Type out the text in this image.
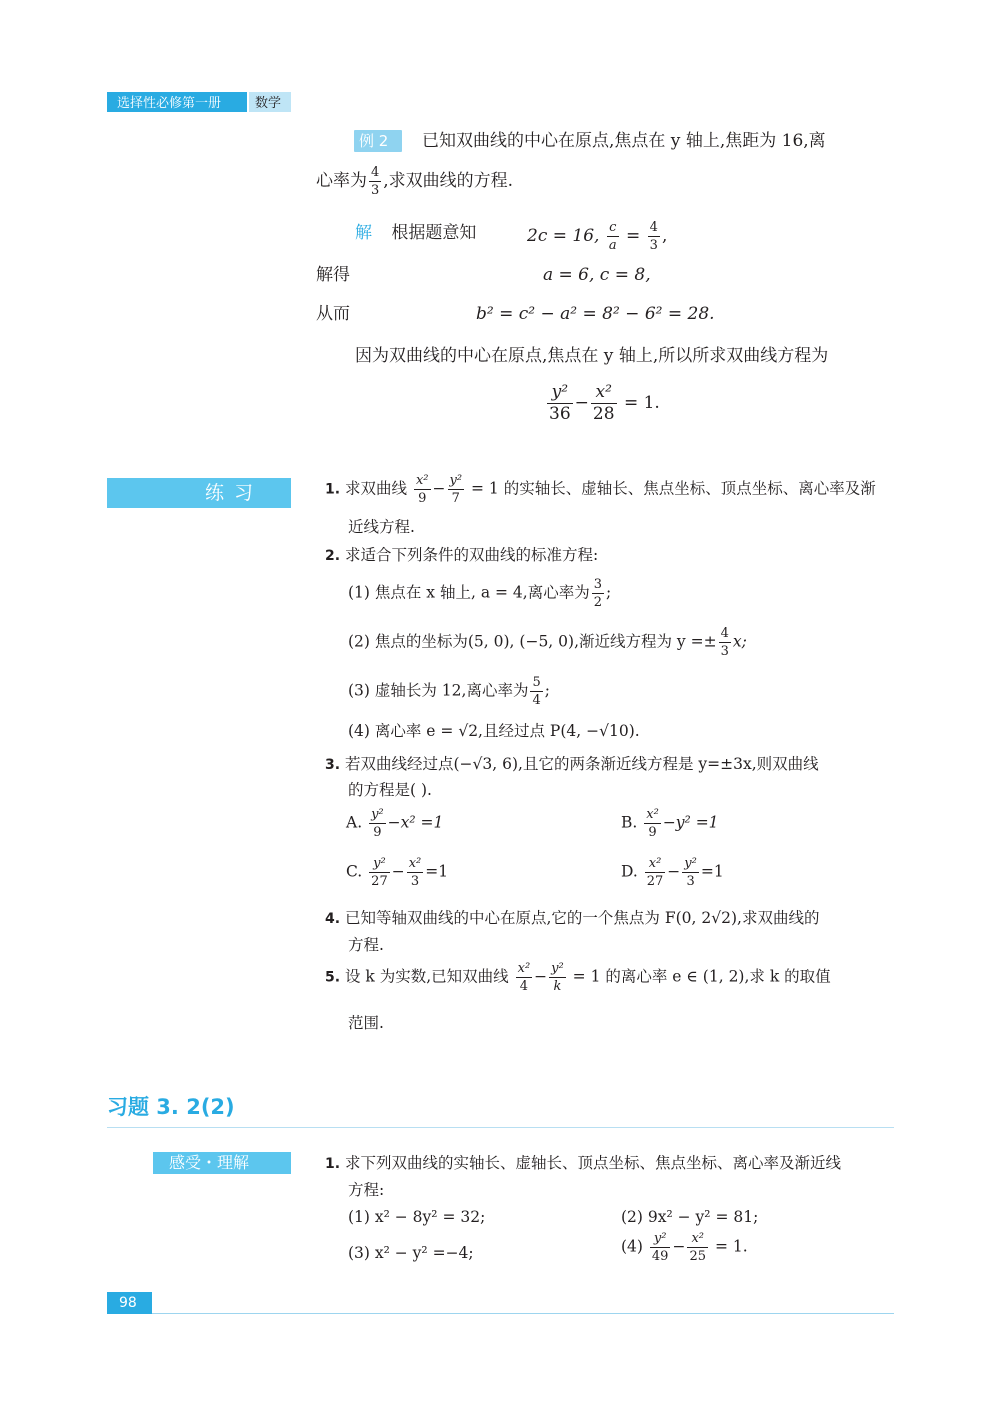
选择性必修第一册	数学
例 2	已知双曲线的中心在原点,焦点在 y 轴上,焦距为 16,离
心率为 $\frac{4}{3}$ ,求双曲线的方程.
解 根据题意知	2c = 16, $\frac{c}{a} = \frac{4}{3}$ ,
解得	a = 6, c = 8,
从而	b² = c² − a² = 8² − 6² = 28.
因为双曲线的中心在原点,焦点在 y 轴上,所以所求双曲线方程为
$\frac{\text{y²}}{36} - \frac{\text{x²}}{28} = 1$.
练习	1. 求双曲线 $\frac{\text{x²}}{9} - \frac{\text{y²}}{7} = 1$ 的实轴长、虚轴长、焦点坐标、顶点坐标、离心率及渐
近线方程.
2. 求适合下列条件的双曲线的标准方程:
(1) 焦点在 x 轴上, a = 4,离心率为 $\frac{3}{2}$ ;
(2) 焦点的坐标为(5, 0), (−5, 0),渐近线方程为 $y =\pm \frac{4}{3} x$;
(3) 虚轴长为 12,离心率为 $\frac{5}{4}$ ;
(4) 离心率 e = √2,且经过点 P(4, −√10).
3. 若双曲线经过点(−√3, 6),且它的两条渐近线方程是 y=±3x,则双曲线
的方程是( ).
A. $\frac{\text{y²}}{9} -x^2 =1$	B. $\frac{\text{x²}}{9} -y^2 =1$
C. $\frac{\text{y²}}{27} - \frac{\text{x²}}{3} =1$	D. $\frac{\text{x²}}{27} - \frac{\text{y²}}{3} =1$
4. 已知等轴双曲线的中心在原点,它的一个焦点为 F(0, 2√2),求双曲线的
方程.
5. 设 k 为实数,已知双曲线 $\frac{\text{x²}}{4} - \frac{\text{y²}}{k} = 1$ 的离心率 e ∈ (1, 2),求 k 的取值
范围.
习题 3. 2(2)
感受・理解	1. 求下列双曲线的实轴长、虚轴长、顶点坐标、焦点坐标、离心率及渐近线
方程:
(1) x² − 8y² = 32;	(2) 9x² − y² = 81;
(3) x² − y² =−4;	$(4) \frac{\text{y²}}{49} - \frac{\text{x²}}{25} = 1$.
98
